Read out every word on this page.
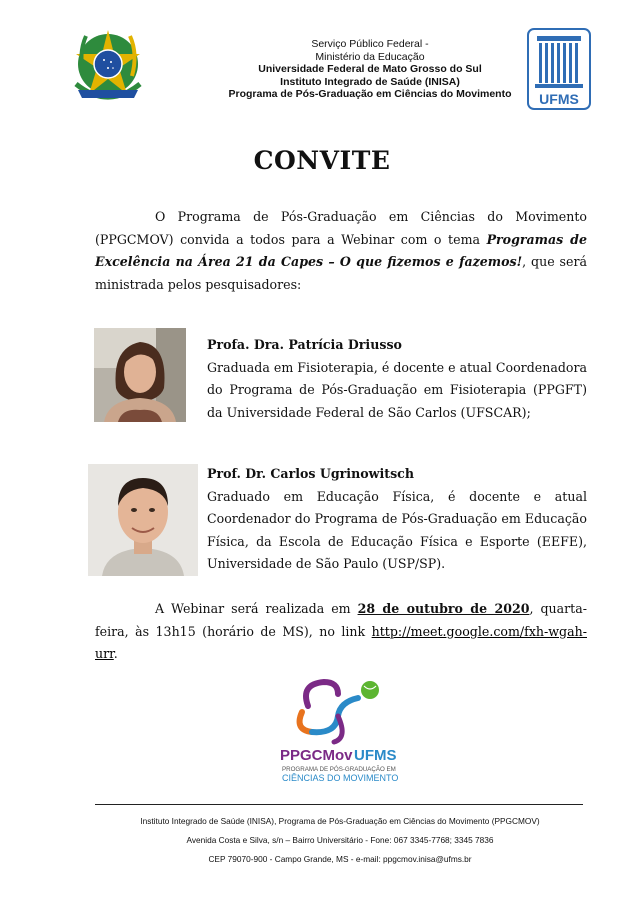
Serviço Público Federal -
Ministério da Educação
Universidade Federal de Mato Grosso do Sul
Instituto Integrado de Saúde (INISA)
Programa de Pós-Graduação em Ciências do Movimento	UFMS
CONVITE
O Programa de Pós-Graduação em Ciências do Movimento (PPGCMOV) convida a todos para a Webinar com o tema Programas de Excelência na Área 21 da Capes – O que fizemos e fazemos!, que será ministrada pelos pesquisadores:
Profa. Dra. Patrícia Driusso
Graduada em Fisioterapia, é docente e atual Coordenadora do Programa de Pós-Graduação em Fisioterapia (PPGFT) da Universidade Federal de São Carlos (UFSCAR);
Prof. Dr. Carlos Ugrinowitsch
Graduado em Educação Física, é docente e atual Coordenador do Programa de Pós-Graduação em Educação Física, da Escola de Educação Física e Esporte (EEFE), Universidade de São Paulo (USP/SP).
A Webinar será realizada em 28 de outubro de 2020, quarta-feira, às 13h15 (horário de MS), no link http://meet.google.com/fxh-wgah-urr.
PPGCMov UFMS
PROGRAMA DE PÓS-GRADUAÇÃO EM
CIÊNCIAS DO MOVIMENTO
Instituto Integrado de Saúde (INISA), Programa de Pós-Graduação em Ciências do Movimento (PPGCMOV)
Avenida Costa e Silva, s/n – Bairro Universitário - Fone: 067 3345-7768; 3345 7836
CEP 79070-900 - Campo Grande, MS - e-mail: ppgcmov.inisa@ufms.br
